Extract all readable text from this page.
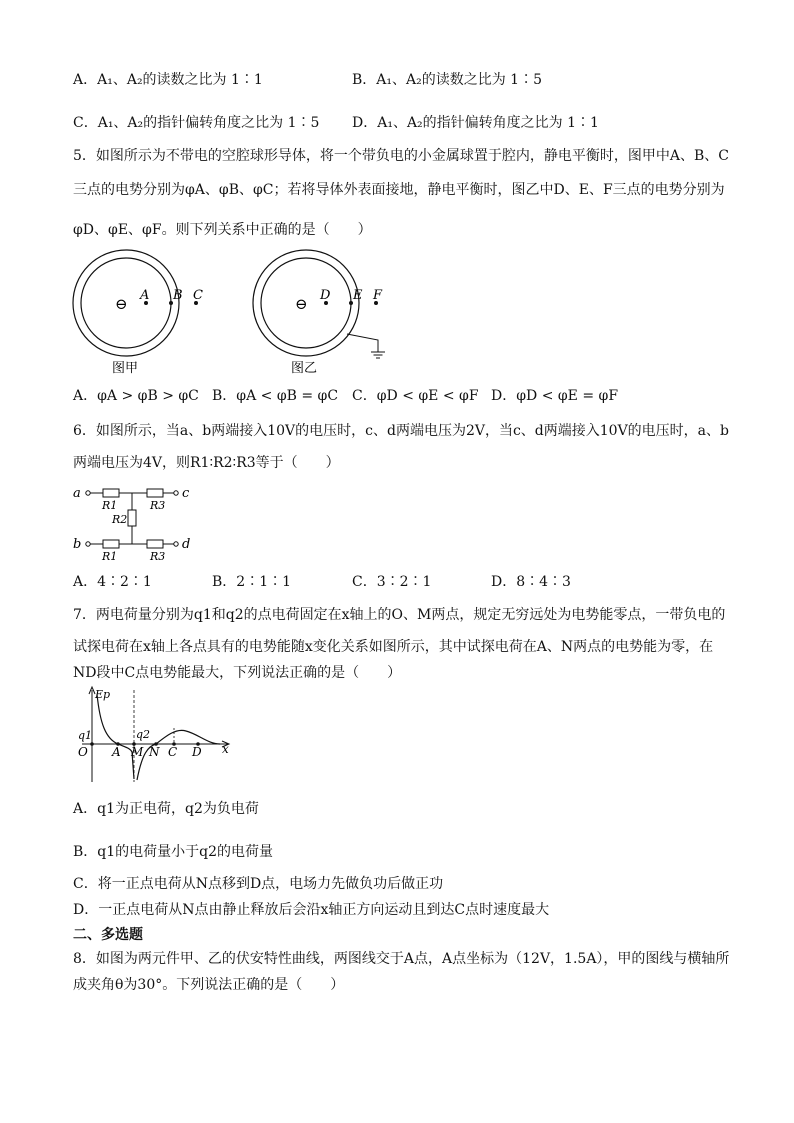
A．A₁、A₂的读数之比为 1∶1	B．A₁、A₂的读数之比为 1∶5
C．A₁、A₂的指针偏转角度之比为 1∶5 D．A₁、A₂的指针偏转角度之比为 1∶1
5．如图所示为不带电的空腔球形导体，将一个带负电的小金属球置于腔内，静电平衡时，图甲中A、B、C
三点的电势分别为φA、φB、φC；若将导体外表面接地，静电平衡时，图乙中D、E、F三点的电势分别为
φD、φE、φF。则下列关系中正确的是（　　）
⊖ A B C
图甲
⊖ D E F
图乙
A．φA > φB > φC B．φA < φB = φC C．φD < φE < φF D．φD < φE = φF
6．如图所示，当a、b两端接入10V的电压时，c、d两端电压为2V，当c、d两端接入10V的电压时，a、b
两端电压为4V，则R1∶R2∶R3等于（　　）
a
R1	R3
c
R2
b
R1	R3
d
A．4∶2∶1	B．2∶1∶1	C．3∶2∶1	D．8∶4∶3
7．两电荷量分别为q1和q2的点电荷固定在x轴上的O、M两点，规定无穷远处为电势能零点，一带负电的
试探电荷在x轴上各点具有的电势能随x变化关系如图所示，其中试探电荷在A、N两点的电势能为零，在
ND段中C点电势能最大，下列说法正确的是（　　）
Ep
x
q1
O
q2
A M N C D
A．q1为正电荷，q2为负电荷
B．q1的电荷量小于q2的电荷量
C．将一正点电荷从N点移到D点，电场力先做负功后做正功
D．一正点电荷从N点由静止释放后会沿x轴正方向运动且到达C点时速度最大
二、多选题
8．如图为两元件甲、乙的伏安特性曲线，两图线交于A点，A点坐标为（12V，1.5A），甲的图线与横轴所
成夹角θ为30°。下列说法正确的是（　　）
